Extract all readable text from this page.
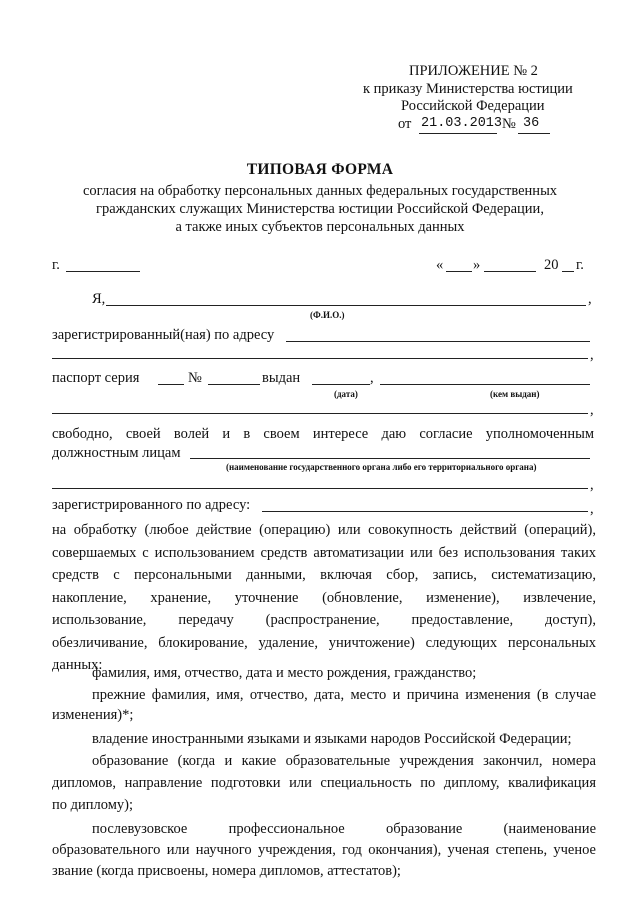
ПРИЛОЖЕНИЕ № 2
к приказу Министерства юстиции
Российской Федерации
от 21.03.2013 № 36
ТИПОВАЯ ФОРМА
согласия на обработку персональных данных федеральных государственных
гражданских служащих Министерства юстиции Российской Федерации,
а также иных субъектов персональных данных
г.	« »	20 г.
Я,	,
(Ф.И.О.)
зарегистрированный(ная) по адресу
,
паспорт серия	№	выдан	,
(дата)	(кем выдан)
,
свободно, своей волей и в своем интересе даю согласие уполномоченным
должностным лицам
(наименование государственного органа либо его территориального органа)
,
зарегистрированного по адресу:	,
на обработку (любое действие (операцию) или совокупность действий (операций),
совершаемых с использованием средств автоматизации или без использования таких
средств с персональными данными, включая сбор, запись, систематизацию,
накопление, хранение, уточнение (обновление, изменение), извлечение,
использование, передачу (распространение, предоставление, доступ),
обезличивание, блокирование, удаление, уничтожение) следующих персональных
данных:
фамилия, имя, отчество, дата и место рождения, гражданство;
прежние фамилия, имя, отчество, дата, место и причина изменения (в случае
изменения)*;
владение иностранными языками и языками народов Российской Федерации;
образование (когда и какие образовательные учреждения закончил, номера
дипломов, направление подготовки или специальность по диплому, квалификация
по диплому);
послевузовское профессиональное образование (наименование
образовательного или научного учреждения, год окончания), ученая степень, ученое
звание (когда присвоены, номера дипломов, аттестатов);
